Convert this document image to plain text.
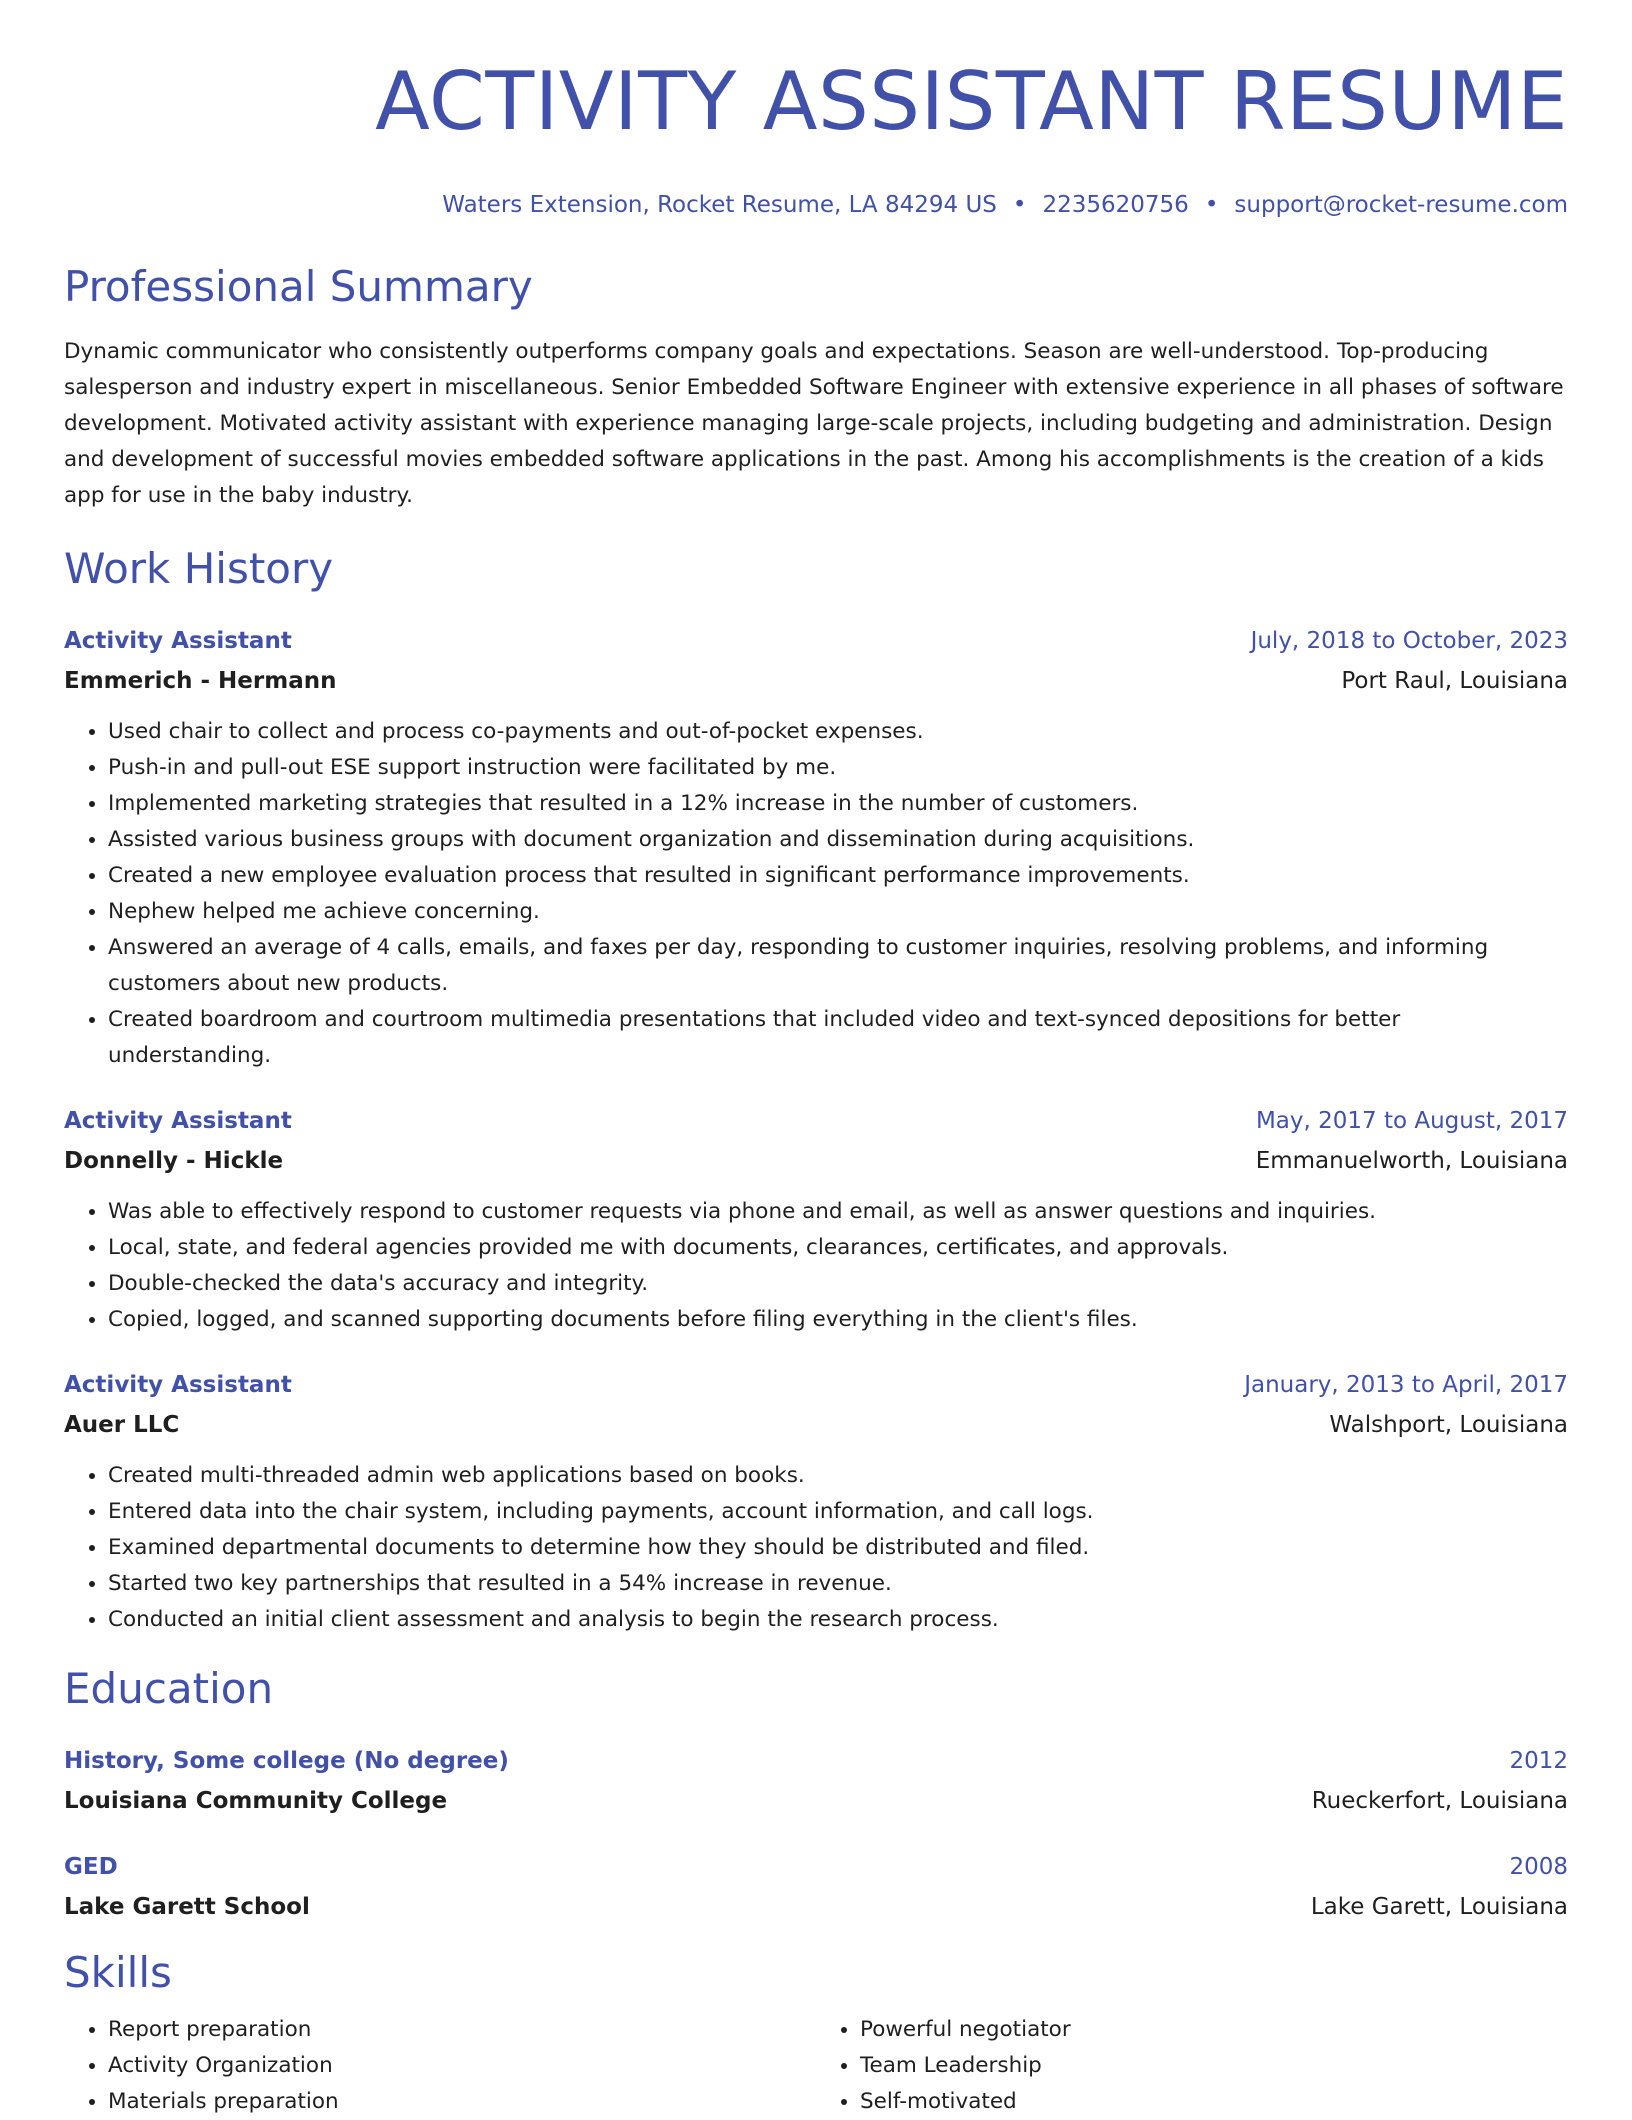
ACTIVITY ASSISTANT RESUME
Waters Extension, Rocket Resume, LA 84294 US • 2235620756 • support@rocket-resume.com
Professional Summary
Dynamic communicator who consistently outperforms company goals and expectations. Season are well-understood. Top-producing salesperson and industry expert in miscellaneous. Senior Embedded Software Engineer with extensive experience in all phases of software development. Motivated activity assistant with experience managing large-scale projects, including budgeting and administration. Design and development of successful movies embedded software applications in the past. Among his accomplishments is the creation of a kids app for use in the baby industry.
Work History
Activity Assistant	July, 2018 to October, 2023
Emmerich - Hermann	Port Raul, Louisiana
• Used chair to collect and process co-payments and out-of-pocket expenses.
• Push-in and pull-out ESE support instruction were facilitated by me.
• Implemented marketing strategies that resulted in a 12% increase in the number of customers.
• Assisted various business groups with document organization and dissemination during acquisitions.
• Created a new employee evaluation process that resulted in significant performance improvements.
• Nephew helped me achieve concerning.
• Answered an average of 4 calls, emails, and faxes per day, responding to customer inquiries, resolving problems, and informing customers about new products.
• Created boardroom and courtroom multimedia presentations that included video and text-synced depositions for better understanding.
Activity Assistant	May, 2017 to August, 2017
Donnelly - Hickle	Emmanuelworth, Louisiana
• Was able to effectively respond to customer requests via phone and email, as well as answer questions and inquiries.
• Local, state, and federal agencies provided me with documents, clearances, certificates, and approvals.
• Double-checked the data's accuracy and integrity.
• Copied, logged, and scanned supporting documents before filing everything in the client's files.
Activity Assistant	January, 2013 to April, 2017
Auer LLC	Walshport, Louisiana
• Created multi-threaded admin web applications based on books.
• Entered data into the chair system, including payments, account information, and call logs.
• Examined departmental documents to determine how they should be distributed and filed.
• Started two key partnerships that resulted in a 54% increase in revenue.
• Conducted an initial client assessment and analysis to begin the research process.
Education
History, Some college (No degree)	2012
Louisiana Community College	Rueckerfort, Louisiana
GED	2008
Lake Garett School	Lake Garett, Louisiana
Skills
• Report preparation
• Activity Organization
• Materials preparation
• Powerful negotiator
• Team Leadership
• Self-motivated
